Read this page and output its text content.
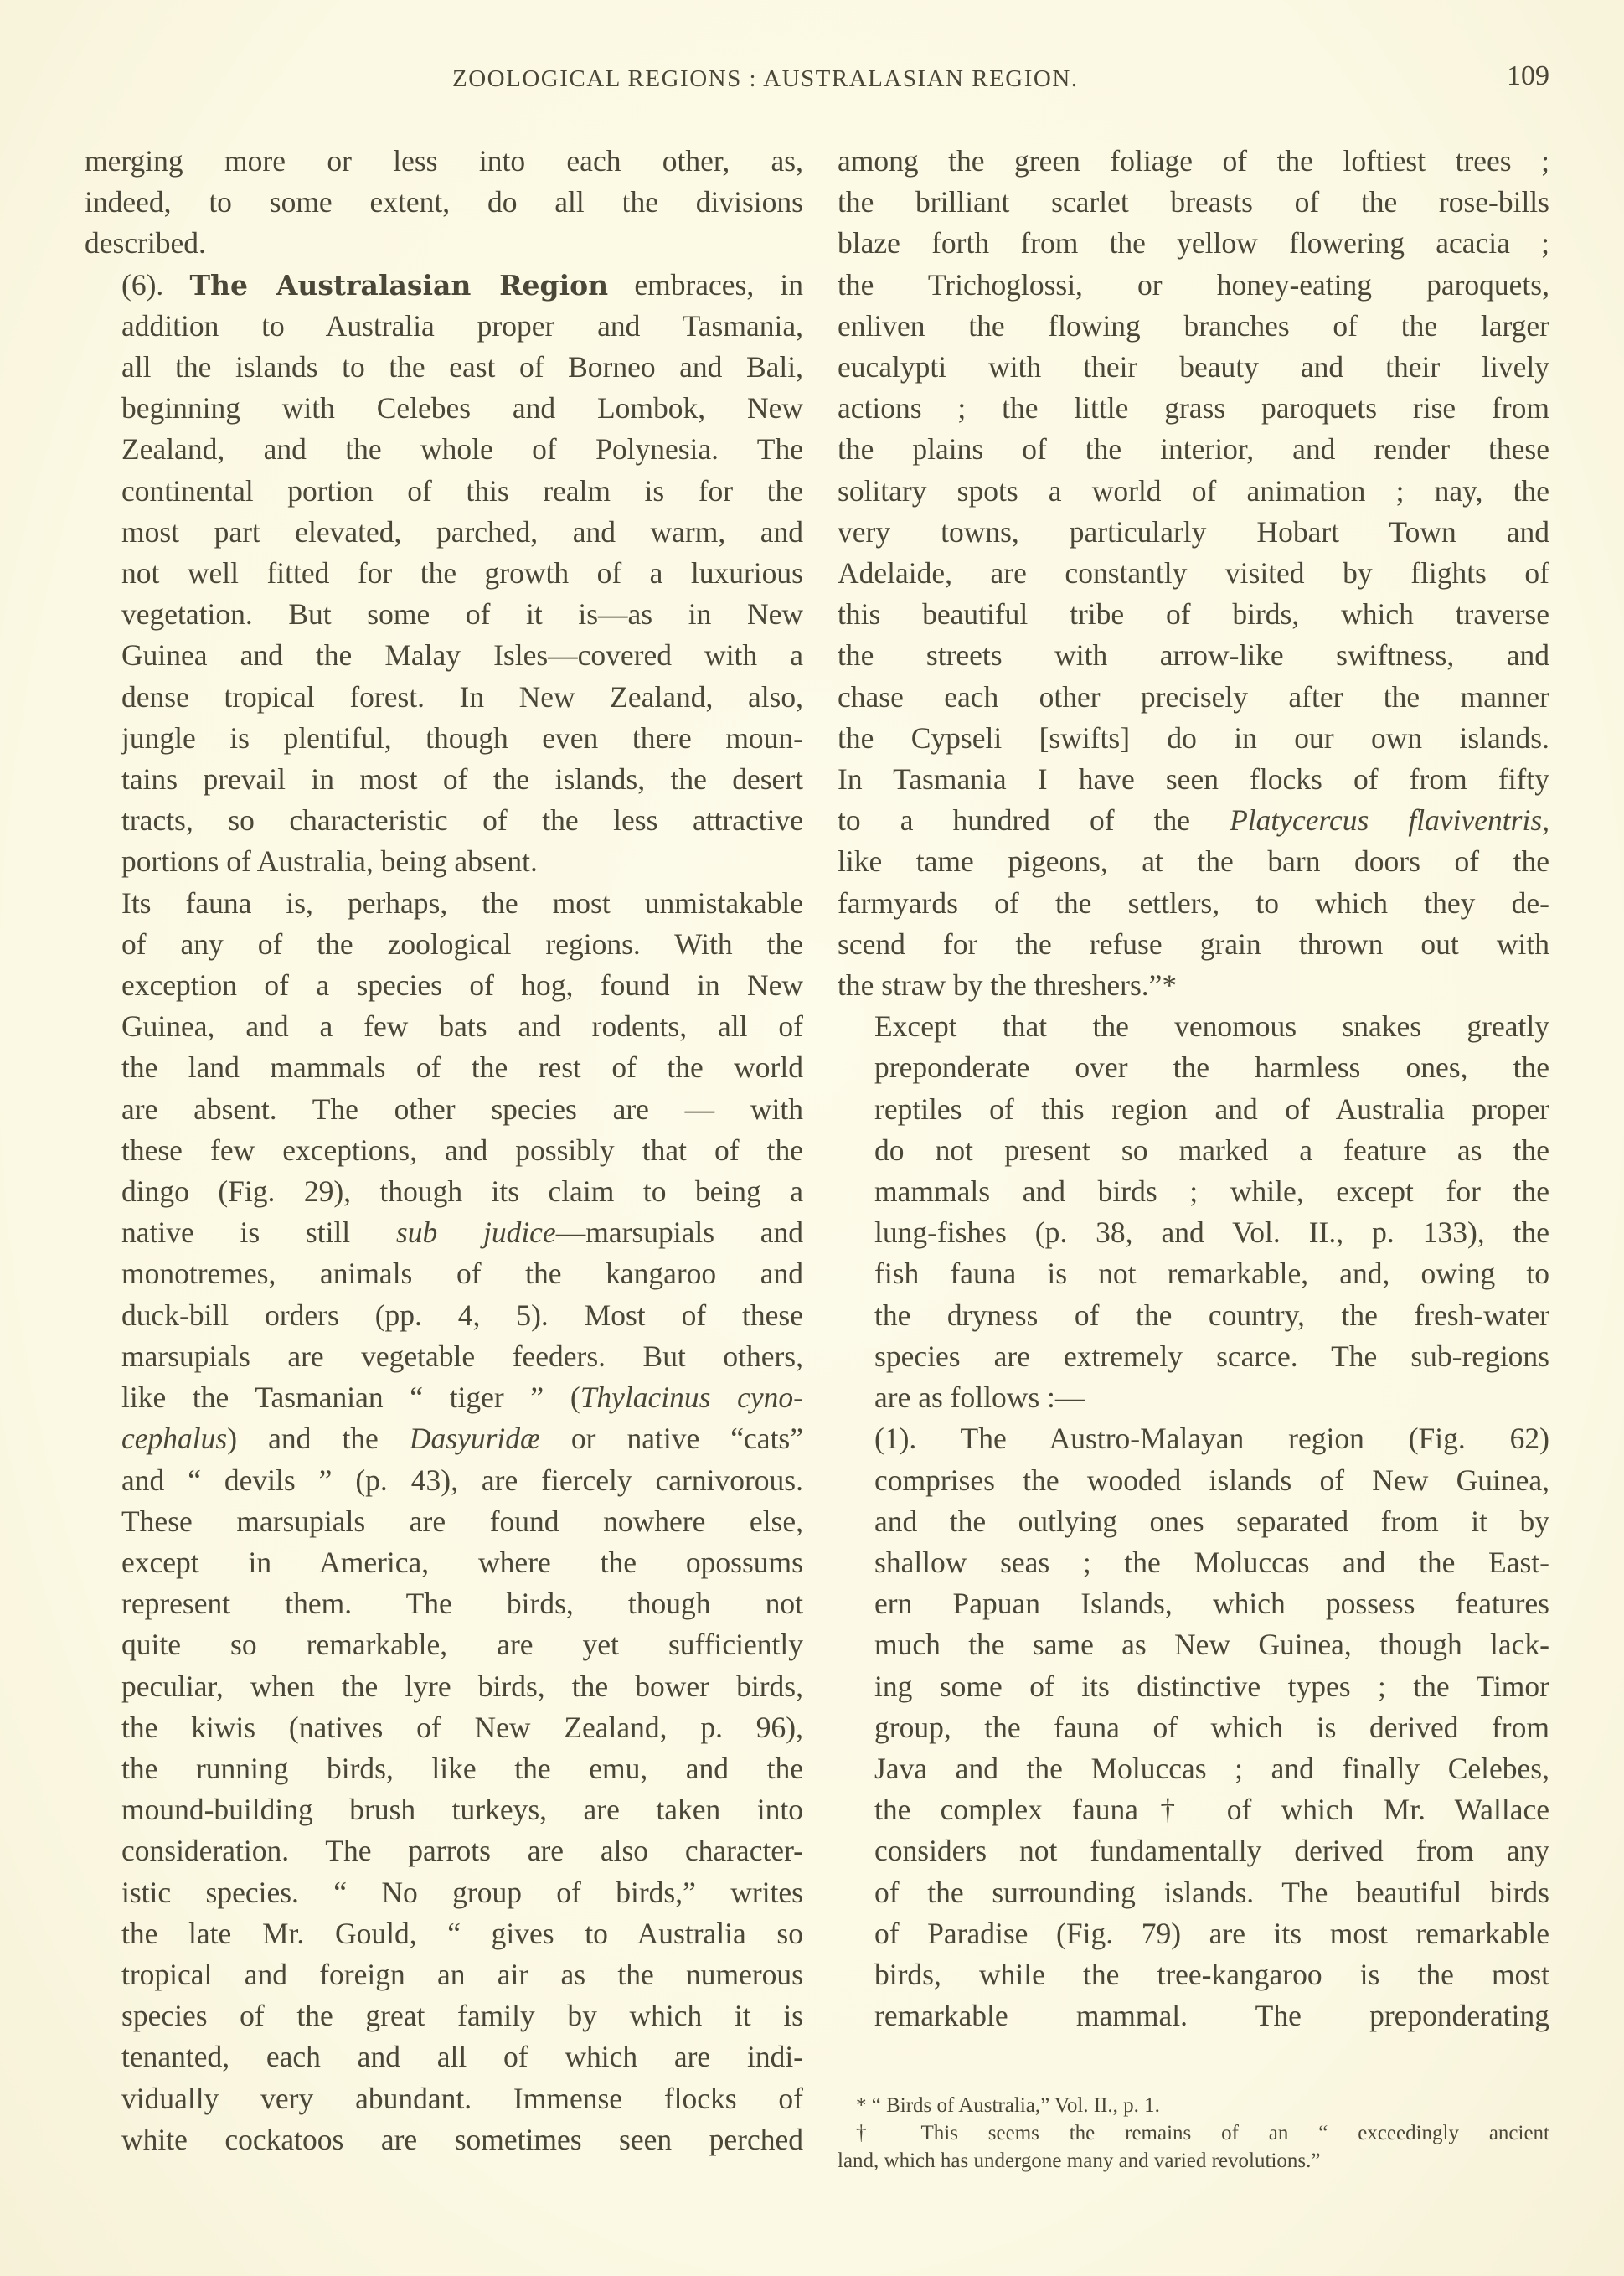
ZOOLOGICAL REGIONS : AUSTRALASIAN REGION.	109

merging more or less into each other, as,
indeed, to some extent, do all the divisions
described.

(6). The Australasian Region embraces, in
addition to Australia proper and Tasmania,
all the islands to the east of Borneo and Bali,
beginning with Celebes and Lombok, New
Zealand, and the whole of Polynesia. The
continental portion of this realm is for the
most part elevated, parched, and warm, and
not well fitted for the growth of a luxurious
vegetation. But some of it is—as in New
Guinea and the Malay Isles—covered with a
dense tropical forest. In New Zealand, also,
jungle is plentiful, though even there moun-
tains prevail in most of the islands, the desert
tracts, so characteristic of the less attractive
portions of Australia, being absent.

Its fauna is, perhaps, the most unmistakable
of any of the zoological regions. With the
exception of a species of hog, found in New
Guinea, and a few bats and rodents, all of
the land mammals of the rest of the world
are absent. The other species are — with
these few exceptions, and possibly that of the
dingo (Fig. 29), though its claim to being a
native is still sub judice—marsupials and
monotremes, animals of the kangaroo and
duck-bill orders (pp. 4, 5). Most of these
marsupials are vegetable feeders. But others,
like the Tasmanian “ tiger ” (Thylacinus cyno-
cephalus) and the Dasyuridæ or native “cats”
and “ devils ” (p. 43), are fiercely carnivorous.
These marsupials are found nowhere else,
except in America, where the opossums
represent them. The birds, though not
quite so remarkable, are yet sufficiently
peculiar, when the lyre birds, the bower birds,
the kiwis (natives of New Zealand, p. 96),
the running birds, like the emu, and the
mound-building brush turkeys, are taken into
consideration. The parrots are also character-
istic species. “ No group of birds,” writes
the late Mr. Gould, “ gives to Australia so
tropical and foreign an air as the numerous
species of the great family by which it is
tenanted, each and all of which are indi-
vidually very abundant. Immense flocks of
white cockatoos are sometimes seen perched

among the green foliage of the loftiest trees ;
the brilliant scarlet breasts of the rose-bills
blaze forth from the yellow flowering acacia ;
the Trichoglossi, or honey-eating paroquets,
enliven the flowing branches of the larger
eucalypti with their beauty and their lively
actions ; the little grass paroquets rise from
the plains of the interior, and render these
solitary spots a world of animation ; nay, the
very towns, particularly Hobart Town and
Adelaide, are constantly visited by flights of
this beautiful tribe of birds, which traverse
the streets with arrow-like swiftness, and
chase each other precisely after the manner
the Cypseli [swifts] do in our own islands.
In Tasmania I have seen flocks of from fifty
to a hundred of the Platycercus flaviventris,
like tame pigeons, at the barn doors of the
farmyards of the settlers, to which they de-
scend for the refuse grain thrown out with
the straw by the threshers.”*

Except that the venomous snakes greatly
preponderate over the harmless ones, the
reptiles of this region and of Australia proper
do not present so marked a feature as the
mammals and birds ; while, except for the
lung-fishes (p. 38, and Vol. II., p. 133), the
fish fauna is not remarkable, and, owing to
the dryness of the country, the fresh-water
species are extremely scarce. The sub-regions
are as follows :—

(1). The Austro-Malayan region (Fig. 62)
comprises the wooded islands of New Guinea,
and the outlying ones separated from it by
shallow seas ; the Moluccas and the East-
ern Papuan Islands, which possess features
much the same as New Guinea, though lack-
ing some of its distinctive types ; the Timor
group, the fauna of which is derived from
Java and the Moluccas ; and finally Celebes,
the complex fauna† of which Mr. Wallace
considers not fundamentally derived from any
of the surrounding islands. The beautiful birds
of Paradise (Fig. 79) are its most remarkable
birds, while the tree-kangaroo is the most
remarkable mammal. The preponderating

* “ Birds of Australia,” Vol. II., p. 1.
† This seems the remains of an “ exceedingly ancient
land, which has undergone many and varied revolutions.”
